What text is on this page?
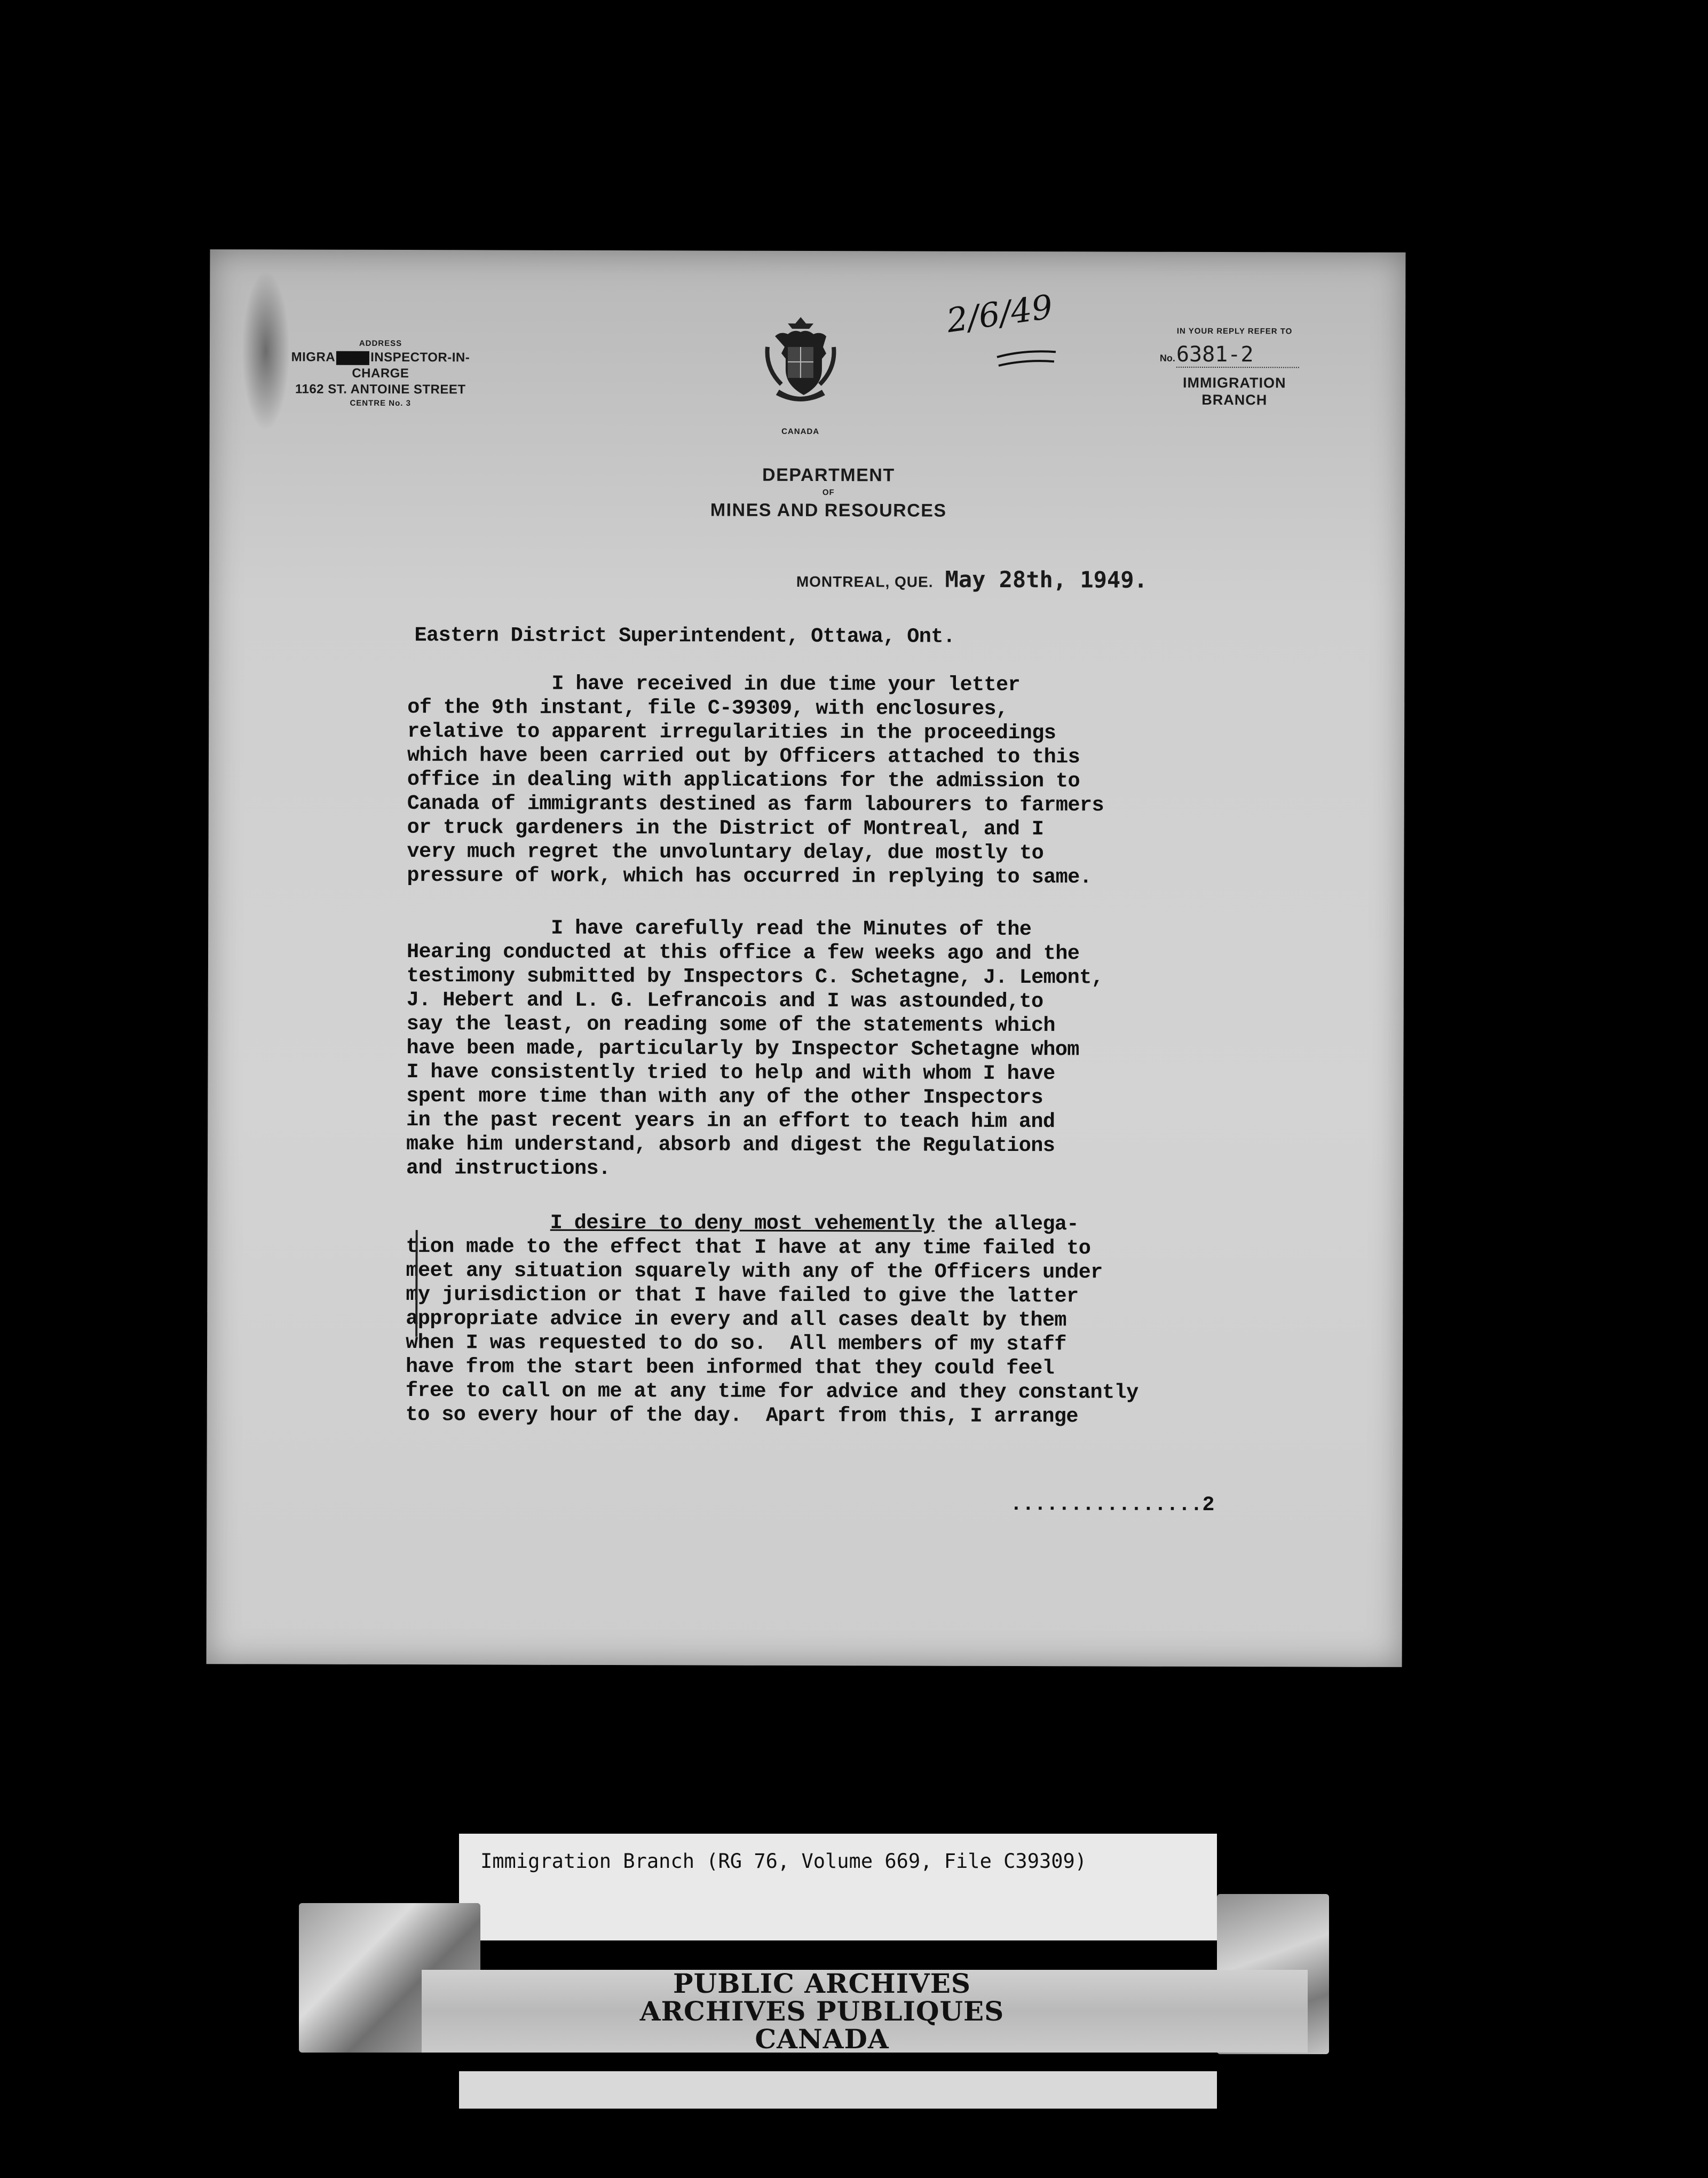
ADDRESS
MIGRA	INSPECTOR-IN-CHARGE
1162 ST. ANTOINE STREET
CENTRE No. 3
CANADA
2/6/49	IN YOUR REPLY REFER TO
No.6381-2
IMMIGRATION
BRANCH
DEPARTMENT
OF
MINES AND RESOURCES
MONTREAL, QUE. May 28th, 1949.
Eastern District Superintendent, Ottawa, Ont.

I have received in due time your letter
of the 9th instant, file C-39309, with enclosures,
relative to apparent irregularities in the proceedings
which have been carried out by Officers attached to this
office in dealing with applications for the admission to
Canada of immigrants destined as farm labourers to farmers
or truck gardeners in the District of Montreal, and I
very much regret the unvoluntary delay, due mostly to
pressure of work, which has occurred in replying to same.

I have carefully read the Minutes of the
Hearing conducted at this office a few weeks ago and the
testimony submitted by Inspectors C. Schetagne, J. Lemont,
J. Hebert and L. G. Lefrancois and I was astounded,to
say the least, on reading some of the statements which
have been made, particularly by Inspector Schetagne whom
I have consistently tried to help and with whom I have
spent more time than with any of the other Inspectors
in the past recent years in an effort to teach him and
make him understand, absorb and digest the Regulations
and instructions.

I desire to deny most vehemently the allega-
tion made to the effect that I have at any time failed to
meet any situation squarely with any of the Officers under
my jurisdiction or that I have failed to give the latter
appropriate advice in every and all cases dealt by them
when I was requested to do so.  All members of my staff
have from the start been informed that they could feel
free to call on me at any time for advice and they constantly
to so every hour of the day.  Apart from this, I arrange

................2
Immigration Branch (RG 76, Volume 669, File C39309)
PUBLIC ARCHIVES
ARCHIVES PUBLIQUES
CANADA
